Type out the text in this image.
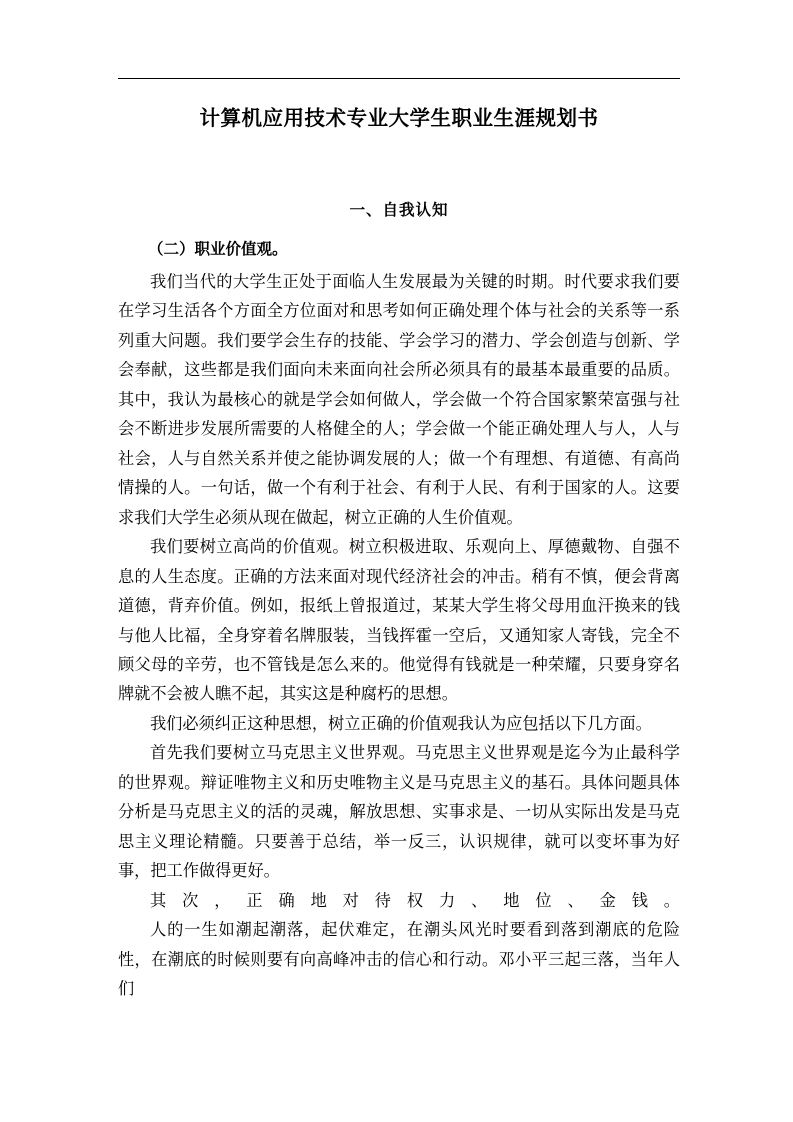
计算机应用技术专业大学生职业生涯规划书
一、自我认知
（二）职业价值观。

我们当代的大学生正处于面临人生发展最为关键的时期。时代要求我们要在学习生活各个方面全方位面对和思考如何正确处理个体与社会的关系等一系列重大问题。我们要学会生存的技能、学会学习的潜力、学会创造与创新、学会奉献，这些都是我们面向未来面向社会所必须具有的最基本最重要的品质。其中，我认为最核心的就是学会如何做人，学会做一个符合国家繁荣富强与社会不断进步发展所需要的人格健全的人；学会做一个能正确处理人与人，人与社会，人与自然关系并使之能协调发展的人；做一个有理想、有道德、有高尚情操的人。一句话，做一个有利于社会、有利于人民、有利于国家的人。这要求我们大学生必须从现在做起，树立正确的人生价值观。

我们要树立高尚的价值观。树立积极进取、乐观向上、厚德戴物、自强不息的人生态度。正确的方法来面对现代经济社会的冲击。稍有不慎，便会背离道德，背弃价值。例如，报纸上曾报道过，某某大学生将父母用血汗换来的钱与他人比福，全身穿着名牌服装，当钱挥霍一空后，又通知家人寄钱，完全不顾父母的辛劳，也不管钱是怎么来的。他觉得有钱就是一种荣耀，只要身穿名牌就不会被人瞧不起，其实这是种腐朽的思想。

我们必须纠正这种思想，树立正确的价值观我认为应包括以下几方面。

首先我们要树立马克思主义世界观。马克思主义世界观是迄今为止最科学的世界观。辩证唯物主义和历史唯物主义是马克思主义的基石。具体问题具体分析是马克思主义的活的灵魂，解放思想、实事求是、一切从实际出发是马克思主义理论精髓。只要善于总结，举一反三，认识规律，就可以变坏事为好事，把工作做得更好。

其次，正确地对待权力、地位、金钱。

人的一生如潮起潮落，起伏难定，在潮头风光时要看到落到潮底的危险性，在潮底的时候则要有向高峰冲击的信心和行动。邓小平三起三落，当年人们
